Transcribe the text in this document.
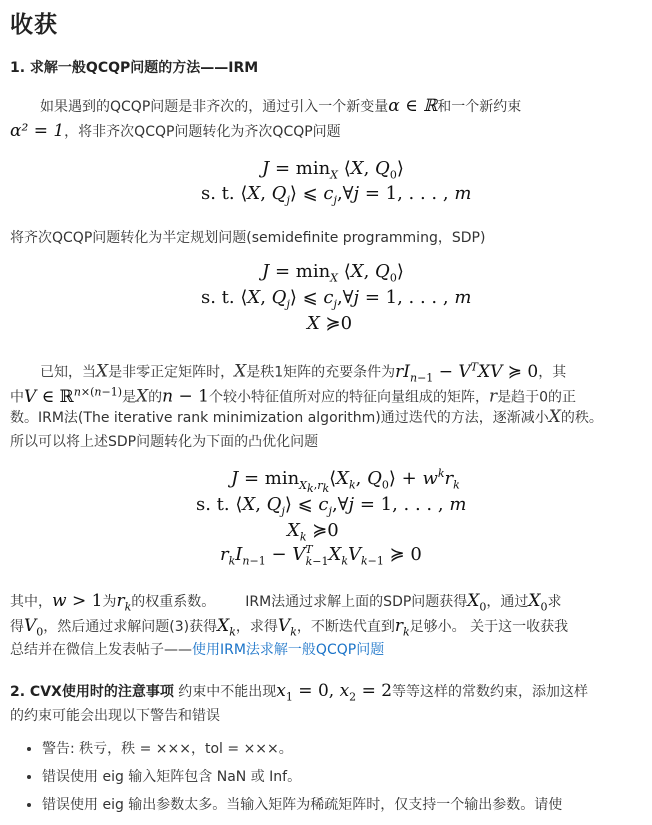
收获
1. 求解一般QCQP问题的方法——IRM
如果遇到的QCQP问题是非齐次的，通过引入一个新变量α ∈ ℝ和一个新约束
α² = 1，将非齐次QCQP问题转化为齐次QCQP问题
$J = \min_X$ ⟨X, $Q_0⟩$
s. t. ⟨X, $Q_j⟩$ ⩽ $c_j,\forall j = 1$, . . . , m
将齐次QCQP问题转化为半定规划问题(semidefinite programming，SDP)
$J = \min_X$ ⟨X, $Q_0⟩$
s. t. ⟨X, $Q_j⟩$ ⩽ $c_j,\forall j = 1$, . . . , m
X ≽0
已知，当X是非零正定矩阵时，X是秩1矩阵的充要条件为$rI_{n-1} - V^TXV$ ≽ 0，其
中V ∈ ℝ$^{n\times(n-1)}$是X的n − 1个较小特征值所对应的特征向量组成的矩阵，r是趋于0的正
数。IRM法(The iterative rank minimization algorithm)通过迭代的方法，逐渐减小X的秩。
所以可以将上述SDP问题转化为下面的凸优化问题
$J = \min_{X_k,r_k}⟨X_k$, $Q_0⟩ + w^kr_k$
s. t. ⟨X, $Q_j⟩$ ⩽ $c_j,\forall j = 1$, . . . , m
$X_k$ ≽0
$r_kI_{n-1} - V^T_{k-1}X_kV_{k-1}$ ≽ 0
其中，w > 1为$r_k$的权重系数。 IRM法通过求解上面的SDP问题获得$X_0$，通过$X_0$求
得$V_0$，然后通过求解问题(3)获得$X_k$，求得$V_k$，不断迭代直到$r_k$足够小。 关于这一收获我
总结并在微信上发表帖子——使用IRM法求解一般QCQP问题
2. CVX使用时的注意事项 约束中不能出现$x_1 = 0$, $x_2 = 2$等等这样的常数约束，添加这样
的约束可能会出现以下警告和错误
• 警告: 秩亏，秩 = ×××，tol = ×××。
• 错误使用 eig 输入矩阵包含 NaN 或 Inf。
• 错误使用 eig 输出参数太多。当输入矩阵为稀疏矩阵时，仅支持一个输出参数。请使
